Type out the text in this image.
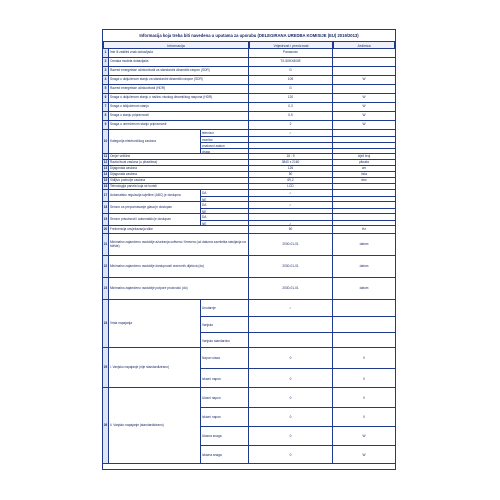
Informacija koja treba biti navedena u uputama za uporabu (DELEGIRANA UREDBA KOMISIJE (EU) 2019/2013)
Informacija	Vrijednost i preciznost	Jedinica
1	Ime ili zaštitni znak dobavljača	Panasonic
2	Oznaka modela dobavljača	TX-50HX800E
3	Razred energetske učinkovitosti za standardni dinamički raspon (SDR)	G
4	Snaga u uključenom stanju za standardni dinamički raspon (SDR)	105	W
5	Razred energetske učinkovitosti (HDR)	G
6	Snaga u uključenom stanju u načinu visokog dinamičkog raspona (HDR)	120	W
7	Snaga u isključenom stanju	0,3	W
8	Snaga u stanju pripravnosti	0,5	W
9	Snaga u umreženom stanju pripravnosti	2	W
10 Kategorija elektroničkog zaslona
televizor	✓
monitor
znakovni zaslon
drugo
11 Omjer veličine	16 : 9	cijeli broj
12 Razlučivost zaslona (u pikselima)	3840 x 2160	piksela
13 Dijagonala zaslona	126	cm
14 Dijagonala zaslona	50	inča
15 Vidljivo područje zaslona	69,2	dm²
16 Tehnologija panela koja se koristi	LCD
17 Automatsko regulacija svjetline (ABC) je dostupna	DA	✓
NE
18 Senzor za prepoznavanje glasa je dostupan	DA	✓
NE
19 Senzor prisutnosti i automatski je dostupan	DA
NE	✓
20 Frekvencija osvježavanja slike	50	Hz
21 Minimalno zajamčeno razdoblje ažuriranja softvera i firmvera (od datuma završetka stavljanja na tržište)	2030-01-01	datum
22 Minimalno zajamčeno razdoblje dostupnosti rezervnih dijelova (do)	2030-01-01	datum
23 Minimalno zajamčeno razdoblje potpore proizvodu (do)	2030-01-01	datum
24 Vrsta napajanja
Unutarnje	✓
Vanjsko
Vanjsko standardno
25 i. Vanjsko napajanje (nije standardizirano)
Napon ulaza	0	V
Izlazni napon	0	V
26 ii. Vanjsko napajanje (standardizirano)
Ulazni napon	0	V
Izlazni napon	0	V
Ulazna snaga	0	W
Izlazna snaga	0	W
